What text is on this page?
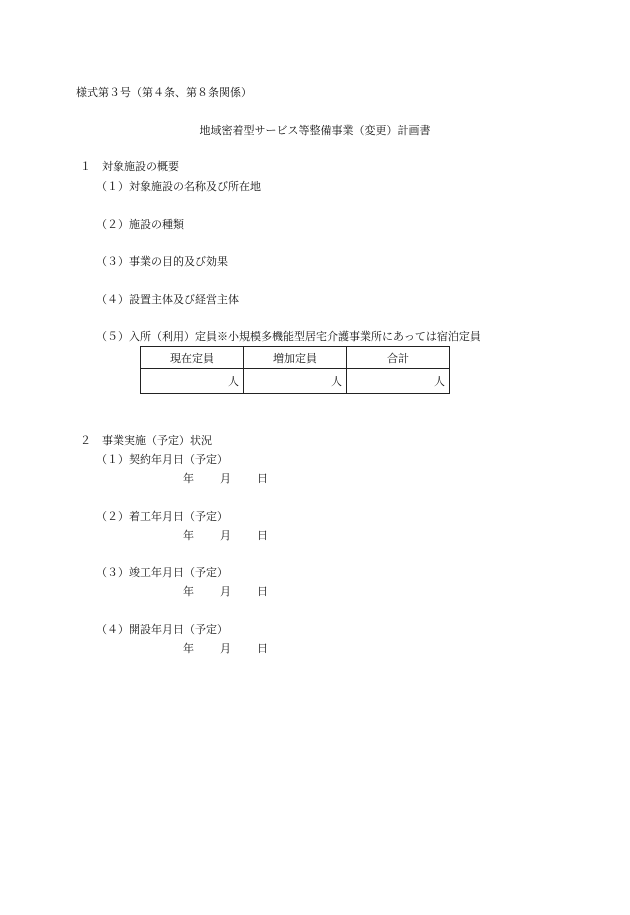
様式第３号（第４条、第８条関係）
地域密着型サービス等整備事業（変更）計画書
１　対象施設の概要
（１）対象施設の名称及び所在地
（２）施設の種類
（３）事業の目的及び効果
（４）設置主体及び経営主体
（５）入所（利用）定員※小規模多機能型居宅介護事業所にあっては宿泊定員
現在定員	増加定員	合計
人	人	人
２　事業実施（予定）状況
（１）契約年月日（予定）
年 月 日
（２）着工年月日（予定）
年 月 日
（３）竣工年月日（予定）
年 月 日
（４）開設年月日（予定）
年 月 日
